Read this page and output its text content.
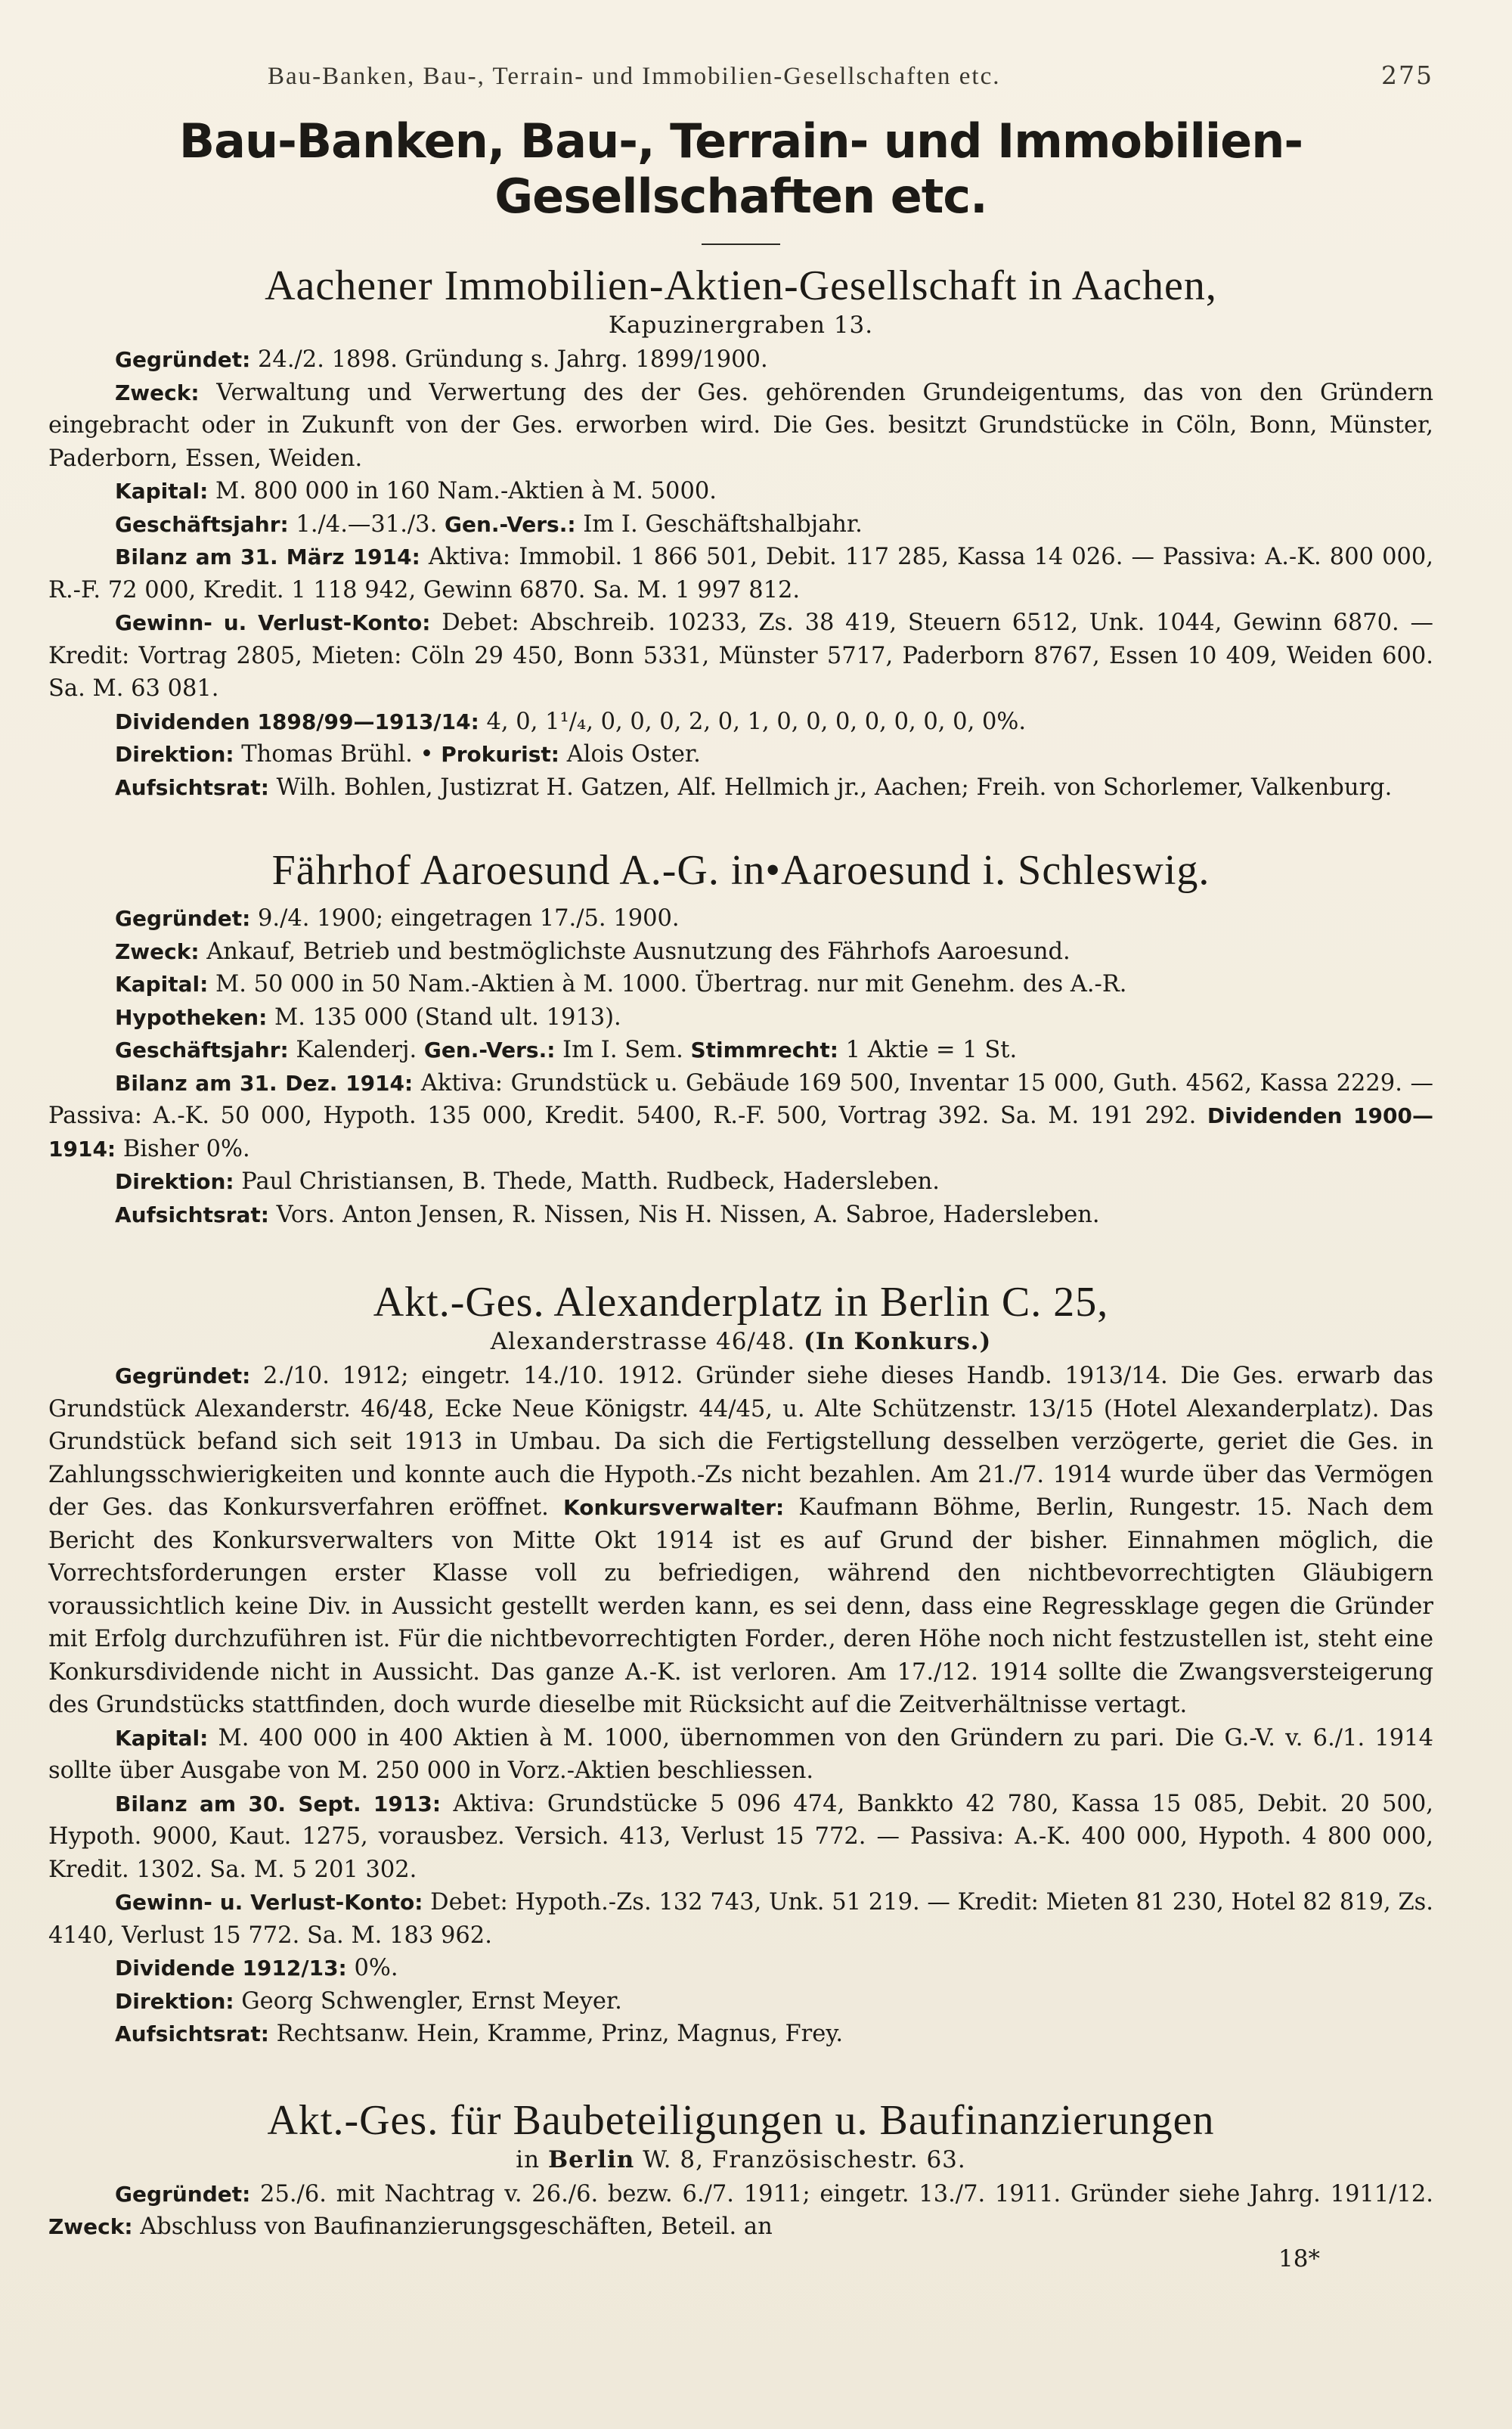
Bau-Banken, Bau-, Terrain- und Immobilien-Gesellschaften etc.	275
Bau-Banken, Bau-, Terrain- und Immobilien-Gesellschaften etc.
Aachener Immobilien-Aktien-Gesellschaft in Aachen,
Kapuzinergraben 13.

Gegründet: 24./2. 1898. Gründung s. Jahrg. 1899/1900.

Zweck: Verwaltung und Verwertung des der Ges. gehörenden Grundeigentums, das von den Gründern eingebracht oder in Zukunft von der Ges. erworben wird. Die Ges. besitzt Grundstücke in Cöln, Bonn, Münster, Paderborn, Essen, Weiden.

Kapital: M. 800 000 in 160 Nam.-Aktien à M. 5000.

Geschäftsjahr: 1./4.—31./3. Gen.-Vers.: Im I. Geschäftshalbjahr.

Bilanz am 31. März 1914: Aktiva: Immobil. 1 866 501, Debit. 117 285, Kassa 14 026. — Passiva: A.-K. 800 000, R.-F. 72 000, Kredit. 1 118 942, Gewinn 6870. Sa. M. 1 997 812.

Gewinn- u. Verlust-Konto: Debet: Abschreib. 10233, Zs. 38 419, Steuern 6512, Unk. 1044, Gewinn 6870. — Kredit: Vortrag 2805, Mieten: Cöln 29 450, Bonn 5331, Münster 5717, Paderborn 8767, Essen 10 409, Weiden 600. Sa. M. 63 081.

Dividenden 1898/99—1913/14: 4, 0, 1¹/₄, 0, 0, 0, 2, 0, 1, 0, 0, 0, 0, 0, 0, 0, 0%.

Direktion: Thomas Brühl. • Prokurist: Alois Oster.

Aufsichtsrat: Wilh. Bohlen, Justizrat H. Gatzen, Alf. Hellmich jr., Aachen; Freih. von Schorlemer, Valkenburg.

Fährhof Aaroesund A.-G. in•Aaroesund i. Schleswig.

Gegründet: 9./4. 1900; eingetragen 17./5. 1900.

Zweck: Ankauf, Betrieb und bestmöglichste Ausnutzung des Fährhofs Aaroesund.

Kapital: M. 50 000 in 50 Nam.-Aktien à M. 1000. Übertrag. nur mit Genehm. des A.-R.

Hypotheken: M. 135 000 (Stand ult. 1913).

Geschäftsjahr: Kalenderj. Gen.-Vers.: Im I. Sem. Stimmrecht: 1 Aktie = 1 St.

Bilanz am 31. Dez. 1914: Aktiva: Grundstück u. Gebäude 169 500, Inventar 15 000, Guth. 4562, Kassa 2229. — Passiva: A.-K. 50 000, Hypoth. 135 000, Kredit. 5400, R.-F. 500, Vortrag 392. Sa. M. 191 292. Dividenden 1900—1914: Bisher 0%.

Direktion: Paul Christiansen, B. Thede, Matth. Rudbeck, Hadersleben.

Aufsichtsrat: Vors. Anton Jensen, R. Nissen, Nis H. Nissen, A. Sabroe, Hadersleben.

Akt.-Ges. Alexanderplatz in Berlin C. 25,
Alexanderstrasse 46/48. (In Konkurs.)

Gegründet: 2./10. 1912; eingetr. 14./10. 1912. Gründer siehe dieses Handb. 1913/14. Die Ges. erwarb das Grundstück Alexanderstr. 46/48, Ecke Neue Königstr. 44/45, u. Alte Schützenstr. 13/15 (Hotel Alexanderplatz). Das Grundstück befand sich seit 1913 in Umbau. Da sich die Fertigstellung desselben verzögerte, geriet die Ges. in Zahlungsschwierigkeiten und konnte auch die Hypoth.-Zs nicht bezahlen. Am 21./7. 1914 wurde über das Vermögen der Ges. das Konkursverfahren eröffnet. Konkursverwalter: Kaufmann Böhme, Berlin, Rungestr. 15. Nach dem Bericht des Konkursverwalters von Mitte Okt 1914 ist es auf Grund der bisher. Einnahmen möglich, die Vorrechtsforderungen erster Klasse voll zu befriedigen, während den nichtbevorrechtigten Gläubigern voraussichtlich keine Div. in Aussicht gestellt werden kann, es sei denn, dass eine Regressklage gegen die Gründer mit Erfolg durchzuführen ist. Für die nichtbevorrechtigten Forder., deren Höhe noch nicht festzustellen ist, steht eine Konkursdividende nicht in Aussicht. Das ganze A.-K. ist verloren. Am 17./12. 1914 sollte die Zwangsversteigerung des Grundstücks stattfinden, doch wurde dieselbe mit Rücksicht auf die Zeitverhältnisse vertagt.

Kapital: M. 400 000 in 400 Aktien à M. 1000, übernommen von den Gründern zu pari. Die G.-V. v. 6./1. 1914 sollte über Ausgabe von M. 250 000 in Vorz.-Aktien beschliessen.

Bilanz am 30. Sept. 1913: Aktiva: Grundstücke 5 096 474, Bankkto 42 780, Kassa 15 085, Debit. 20 500, Hypoth. 9000, Kaut. 1275, vorausbez. Versich. 413, Verlust 15 772. — Passiva: A.-K. 400 000, Hypoth. 4 800 000, Kredit. 1302. Sa. M. 5 201 302.

Gewinn- u. Verlust-Konto: Debet: Hypoth.-Zs. 132 743, Unk. 51 219. — Kredit: Mieten 81 230, Hotel 82 819, Zs. 4140, Verlust 15 772. Sa. M. 183 962.

Dividende 1912/13: 0%.

Direktion: Georg Schwengler, Ernst Meyer.

Aufsichtsrat: Rechtsanw. Hein, Kramme, Prinz, Magnus, Frey.

Akt.-Ges. für Baubeteiligungen u. Baufinanzierungen
in Berlin W. 8, Französischestr. 63.

Gegründet: 25./6. mit Nachtrag v. 26./6. bezw. 6./7. 1911; eingetr. 13./7. 1911. Gründer siehe Jahrg. 1911/12. Zweck: Abschluss von Baufinanzierungsgeschäften, Beteil. an

18*
